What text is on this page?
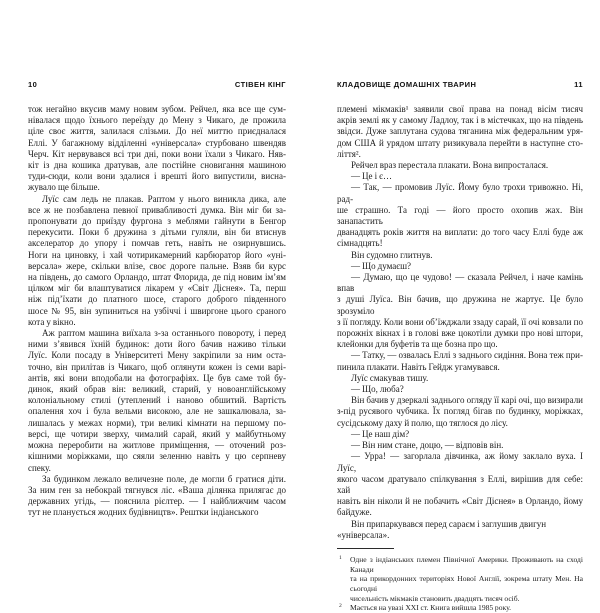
10	СТІВЕН КІНГ
тож негайно вкусив маму новим зубом. Рейчел, яка все ще сум-
нівалася щодо їхнього переїзду до Мену з Чикаго, де прожила
ціле своє життя, залилася слізьми. До неї миттю приєдналася
Еллі. У багажному відділенні «універсала» стурбовано швендяв
Черч. Кіт нервувався всі три дні, поки вони їхали з Чикаго. Няв-
кіт із дна кошика дратував, але постійне сновигання машиною
туди-сюди, коли вони здалися і врешті його випустили, висна-
жувало ще більше.
Луїс сам ледь не плакав. Раптом у нього виникла дика, але
все ж не позбавлена певної привабливості думка. Він міг би за-
пропонувати до приїзду фургона з меблями гайнути в Бенгор
перекусити. Поки б дружина з дітьми гуляли, він би втиснув
акселератор до упору і помчав геть, навіть не озирнувшись.
Ноги на циновку, і хай чотирикамерний карбюратор його «уні-
версала» жере, скільки влізе, своє дороге пальне. Взяв би курс
на південь, до самого Орландо, штат Флорида, де під новим ім’ям
цілком міг би влаштуватися лікарем у «Світ Діснея». Та, перш
ніж під’їхати до платного шосе, старого доброго південного
шосе № 95, він зупиниться на узбіччі і швиргоне цього сраного
кота у вікно.
Аж раптом машина виїхала з-за останнього повороту, і перед
ними з’явився їхній будинок: доти його бачив наживо тільки
Луїс. Коли посаду в Університеті Мену закріпили за ним оста-
точно, він прилітав із Чикаго, щоб оглянути кожен із семи варі-
антів, які вони вподобали на фотографіях. Це був саме той бу-
динок, який обрав він: великий, старий, у новоанглійському
колоніальному стилі (утеплений і наново обшитий. Вартість
опалення хоч і була вельми високою, але не зашкалювала, за-
лишалась у межах норми), три великі кімнати на першому по-
версі, ще чотири зверху, чималий сарай, який у майбутньому
можна переробити на житлове приміщення, — оточений роз-
кішними моріжками, що сяяли зеленню навіть у цю серпневу
спеку.
За будинком лежало величезне поле, де могли б гратися діти.
За ним ген за небокрай тягнувся ліс. «Ваша ділянка прилягає до
державних угідь, — пояснила рієлтер. — І найближчим часом
тут не планується жодних будівництв». Рештки індіанського
КЛАДОВИЩЕ ДОМАШНІХ ТВАРИН	11
племені мікмаків¹ заявили свої права на понад вісім тисяч
акрів землі як у самому Ладлоу, так і в містечках, що на південь
звідси. Дуже заплутана судова тяганина між федеральним уря-
дом США й урядом штату ризикувала перейти в наступне сто-
ліття².
Рейчел враз перестала плакати. Вона випросталася.
— Це і є…
— Так, — промовив Луїс. Йому було трохи тривожно. Ні, рад-
ше страшно. Та годі — його просто охопив жах. Він занапастить
дванадцять років життя на виплати: до того часу Еллі буде аж
сімнадцять!
Він судомно глитнув.
— Що думаєш?
— Думаю, що це чудово! — сказала Рейчел, і наче камінь впав
з душі Луїса. Він бачив, що дружина не жартує. Це було зрозуміло
з її погляду. Коли вони об’їжджали ззаду сарай, її очі ковзали по
порожніх вікнах і в голові вже цокотіли думки про нові штори,
клейонки для буфетів та ще бозна про що.
— Татку, — озвалась Еллі з заднього сидіння. Вона теж при-
пинила плакати. Навіть Гейдж угамувався.
Луїс смакував тишу.
— Що, люба?
Він бачив у дзеркалі заднього огляду її карі очі, що визирали
з-під русявого чубчика. Їх погляд бігав по будинку, моріжках,
сусідському даху й полю, що тяглося до лісу.
— Це наш дім?
— Він ним стане, доцю, — відповів він.
— Урра! — загорлала дівчинка, аж йому заклало вуха. І Луїс,
якого часом дратувало спілкування з Еллі, вирішив для себе: хай
навіть він ніколи й не побачить «Світ Діснея» в Орландо, йому
байдуже.
Він припаркувався перед сараєм і заглушив двигун «універсала».
1 Одне з індіанських племен Північної Америки. Проживають на сході Канади
та на прикордонних територіях Нової Англії, зокрема штату Мен. На сьогодні
чисельність мікмаків становить двадцять тисяч осіб.
2 Мається на увазі XXI ст. Книга вийшла 1985 року.
